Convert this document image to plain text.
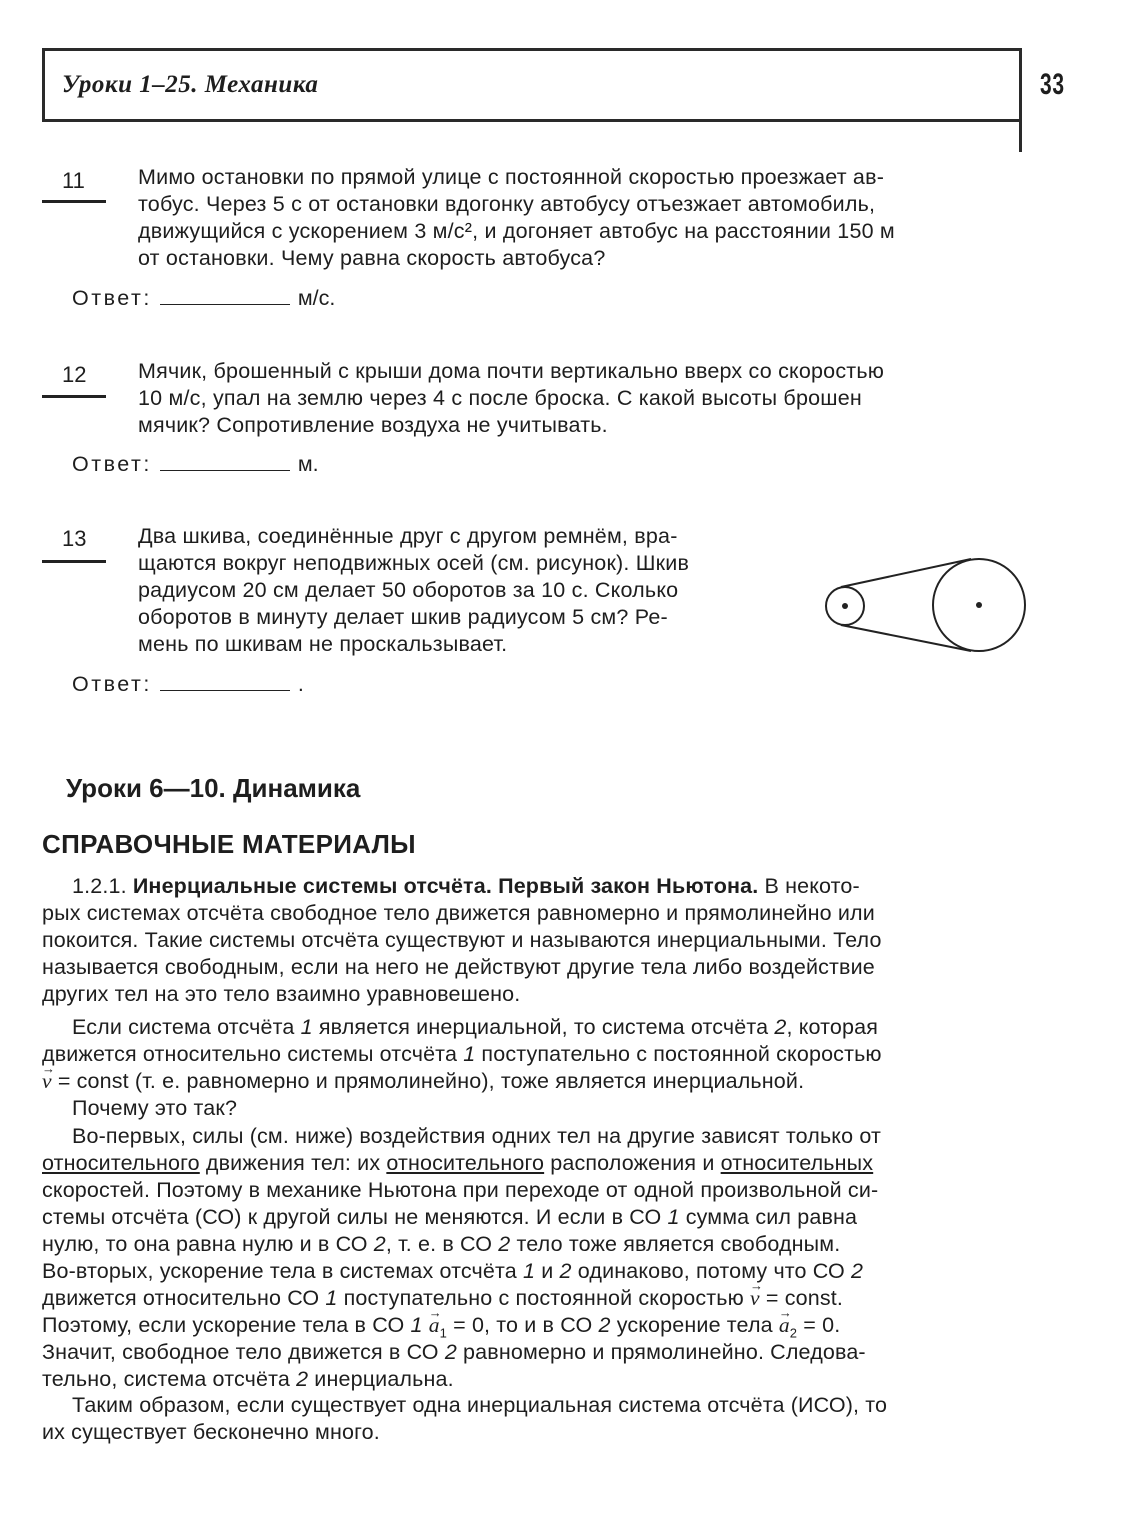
Уроки 1–25. Механика	33
11 Мимо остановки по прямой улице с постоянной скоростью проезжает ав-
тобус. Через 5 с от остановки вдогонку автобусу отъезжает автомобиль,
движущийся с ускорением 3 м/с², и догоняет автобус на расстоянии 150 м
от остановки. Чему равна скорость автобуса?
Ответ:	м/с.
12 Мячик, брошенный с крыши дома почти вертикально вверх со скоростью
10 м/с, упал на землю через 4 с после броска. С какой высоты брошен
мячик? Сопротивление воздуха не учитывать.
Ответ:	м.
13 Два шкива, соединённые друг с другом ремнём, вра-
щаются вокруг неподвижных осей (см. рисунок). Шкив
радиусом 20 см делает 50 оборотов за 10 с. Сколько
оборотов в минуту делает шкив радиусом 5 см? Ре-
мень по шкивам не проскальзывает.
Ответ:	.
Уроки 6—10. Динамика
СПРАВОЧНЫЕ МАТЕРИАЛЫ
1.2.1. Инерциальные системы отсчёта. Первый закон Ньютона. В некото-
рых системах отсчёта свободное тело движется равномерно и прямолинейно или
покоится. Такие системы отсчёта существуют и называются инерциальными. Тело
называется свободным, если на него не действуют другие тела либо воздействие
других тел на это тело взаимно уравновешено.
Если система отсчёта 1 является инерциальной, то система отсчёта 2, которая
движется относительно системы отсчёта 1 поступательно с постоянной скоростью
→ v = const (т. е. равномерно и прямолинейно), тоже является инерциальной.
Почему это так?
Во-первых, силы (см. ниже) воздействия одних тел на другие зависят только от
относительного движения тел: их относительного расположения и относительных
скоростей. Поэтому в механике Ньютона при переходе от одной произвольной си-
стемы отсчёта (СО) к другой силы не меняются. И если в СО 1 сумма сил равна
нулю, то она равна нулю и в СО 2, т. е. в СО 2 тело тоже является свободным.
Во-вторых, ускорение тела в системах отсчёта 1 и 2 одинаково, потому что СО 2
движется относительно СО 1 поступательно с постоянной скоростью → v = const.
Поэтому, если ускорение тела в СО $1 \to a_1 = 0$, то и в СО 2 ускорение тела → $a_2 = 0$.
Значит, свободное тело движется в СО 2 равномерно и прямолинейно. Следова-
тельно, система отсчёта 2 инерциальна.
Таким образом, если существует одна инерциальная система отсчёта (ИСО), то
их существует бесконечно много.
